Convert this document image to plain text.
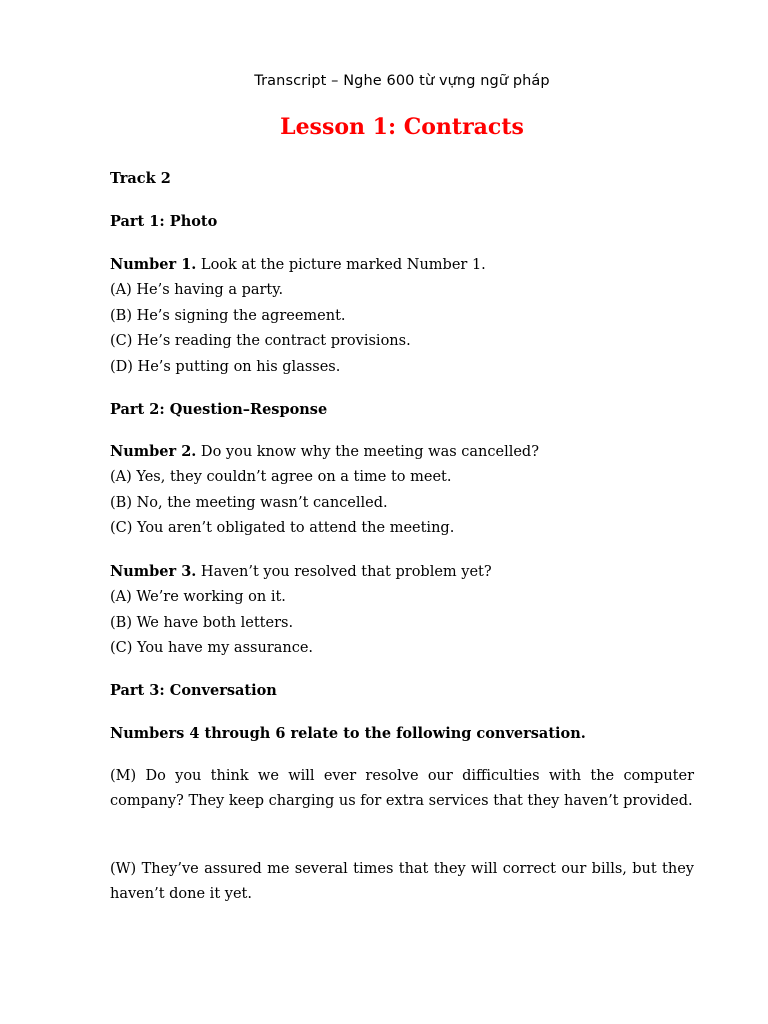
Transcript – Nghe 600 từ vựng ngữ pháp
Lesson 1: Contracts
Track 2
Part 1: Photo
Number 1. Look at the picture marked Number 1.
(A) He’s having a party.
(B) He’s signing the agreement.
(C) He’s reading the contract provisions.
(D) He’s putting on his glasses.
Part 2: Question–Response
Number 2. Do you know why the meeting was cancelled?
(A) Yes, they couldn’t agree on a time to meet.
(B) No, the meeting wasn’t cancelled.
(C) You aren’t obligated to attend the meeting.
Number 3. Haven’t you resolved that problem yet?
(A) We’re working on it.
(B) We have both letters.
(C) You have my assurance.
Part 3: Conversation
Numbers 4 through 6 relate to the following conversation.
(M) Do you think we will ever resolve our difficulties with the computer company? They keep charging us for extra services that they haven’t provided.
(W) They’ve assured me several times that they will correct our bills, but they haven’t done it yet.
